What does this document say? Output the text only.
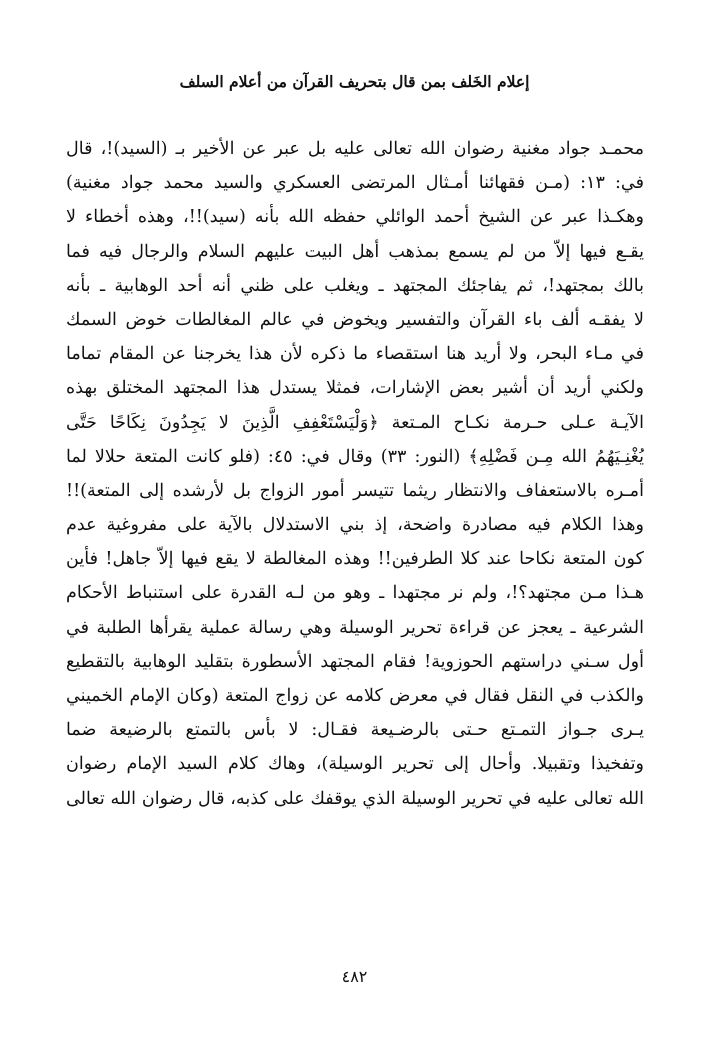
إعلام الخَلف بمن قال بتحريف القرآن من أعلام السلف
محمـد جواد مغنية رضوان الله تعالى عليه بل عبر عن الأخير بـ (السيد)!، قال
في: ١٣: (مـن فقهائنا أمـثال المرتضى العسكري والسيد محمد جواد مغنية)
وهكـذا عبر عن الشيخ أحمد الوائلي حفظه الله بأنه (سيد)!!، وهذه أخطاء لا
يقـع فيها إلاّ من لم يسمع بمذهب أهل البيت عليهم السلام والرجال فيه فما
بالك بمجتهد!، ثم يفاجئك المجتهد ـ ويغلب على ظني أنه أحد الوهابية ـ بأنه
لا يفقـه ألف باء القرآن والتفسير ويخوض في عالم المغالطات خوض السمك
في مـاء البحر، ولا أريد هنا استقصاء ما ذكره لأن هذا يخرجنا عن المقام تماما
ولكني أريد أن أشير بعض الإشارات، فمثلا يستدل هذا المجتهد المختلق بهذه
الآيـة عـلى حـرمة نكـاح المـتعة ﴿وَلْيَسْتَعْفِفِ الَّذِينَ لا يَجِدُونَ نِكَاحًا حَتَّى
يُغْنِـيَهُمُ الله مِـن فَضْلِهِ﴾ (النور: ٣٣) وقال في: ٤٥: (فلو كانت المتعة حلالا لما
أمـره بالاستعفاف والانتظار ريثما تتيسر أمور الزواج بل لأرشده إلى المتعة)!!
وهذا الكلام فيه مصادرة واضحة، إذ بني الاستدلال بالآية على مفروغية عدم
كون المتعة نكاحا عند كلا الطرفين!! وهذه المغالطة لا يقع فيها إلاّ جاهل! فأين
هـذا مـن مجتهد؟!، ولم نر مجتهدا ـ وهو من لـه القدرة على استنباط الأحكام
الشرعية ـ يعجز عن قراءة تحرير الوسيلة وهي رسالة عملية يقرأها الطلبة في
أول سـني دراستهم الحوزوية! فقام المجتهد الأسطورة بتقليد الوهابية بالتقطيع
والكذب في النقل فقال في معرض كلامه عن زواج المتعة (وكان الإمام الخميني
يـرى جـواز التمـتع حـتى بالرضـيعة فقـال: لا بأس بالتمتع بالرضيعة ضما
وتفخيذا وتقبيلا. وأحال إلى تحرير الوسيلة)، وهاك كلام السيد الإمام رضوان
الله تعالى عليه في تحرير الوسيلة الذي يوقفك على كذبه، قال رضوان الله تعالى
٤٨٢
